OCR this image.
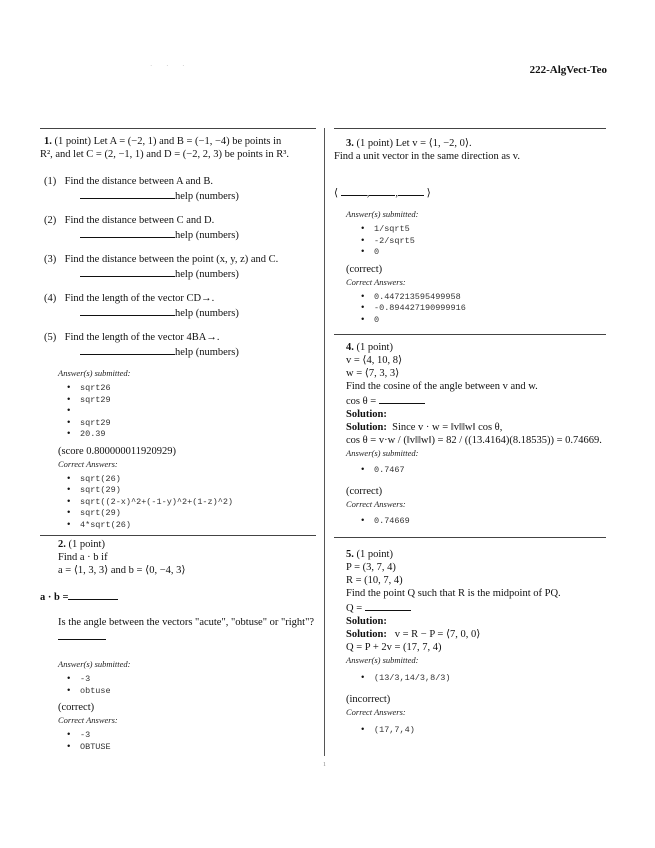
· · ·	222-AlgVect-Teo

1. (1 point) Let A = (−2, 1) and B = (−1, −4) be points in

R², and let C = (2, −1, 1) and D = (−2, 2, 3) be points in R³.

(1) Find the distance between A and B.

help (numbers)

(2) Find the distance between C and D.

help (numbers)

(3) Find the distance between the point (x, y, z) and C.

help (numbers)

(4) Find the length of the vector CD→.

help (numbers)

(5) Find the length of the vector 4BA→.

help (numbers)

Answer(s) submitted:

• sqrt26
• sqrt29
•
• sqrt29
• 20.39

(score 0.800000011920929)

Correct Answers:

• sqrt(26)
• sqrt(29)
• sqrt((2-x)^2+(-1-y)^2+(1-z)^2)
• sqrt(29)
• 4*sqrt(26)

2. (1 point)

Find a · b if

a = ⟨1, 3, 3⟩ and b = ⟨0, −4, 3⟩

a · b =

Is the angle between the vectors "acute", "obtuse" or "right"?

Answer(s) submitted:

• -3
• obtuse

(correct)

Correct Answers:

• -3
• OBTUSE

3. (1 point) Let v = ⟨1, −2, 0⟩.

Find a unit vector in the same direction as v.

⟨	, ,	⟩

Answer(s) submitted:

• 1/sqrt5
• -2/sqrt5
• 0

(correct)

Correct Answers:

• 0.447213595499958
• -0.894427190999916
• 0

4. (1 point)

v = ⟨4, 10, 8⟩

w = ⟨7, 3, 3⟩

Find the cosine of the angle between v and w.

cos θ =

Solution:

Solution: Since v · w = ‖v‖‖w‖ cos θ,

cos θ = v·w / (‖v‖‖w‖) = 82 / ((13.4164)(8.18535)) = 0.74669.

Answer(s) submitted:

• 0.7467

(correct)

Correct Answers:

• 0.74669

5. (1 point)

P = (3, 7, 4)

R = (10, 7, 4)

Find the point Q such that R is the midpoint of PQ.

Q =

Solution:

Solution: v = R − P = ⟨7, 0, 0⟩

Q = P + 2v = (17, 7, 4)

Answer(s) submitted:

• (13/3,14/3,8/3)

(incorrect)

Correct Answers:

• (17,7,4)
1
